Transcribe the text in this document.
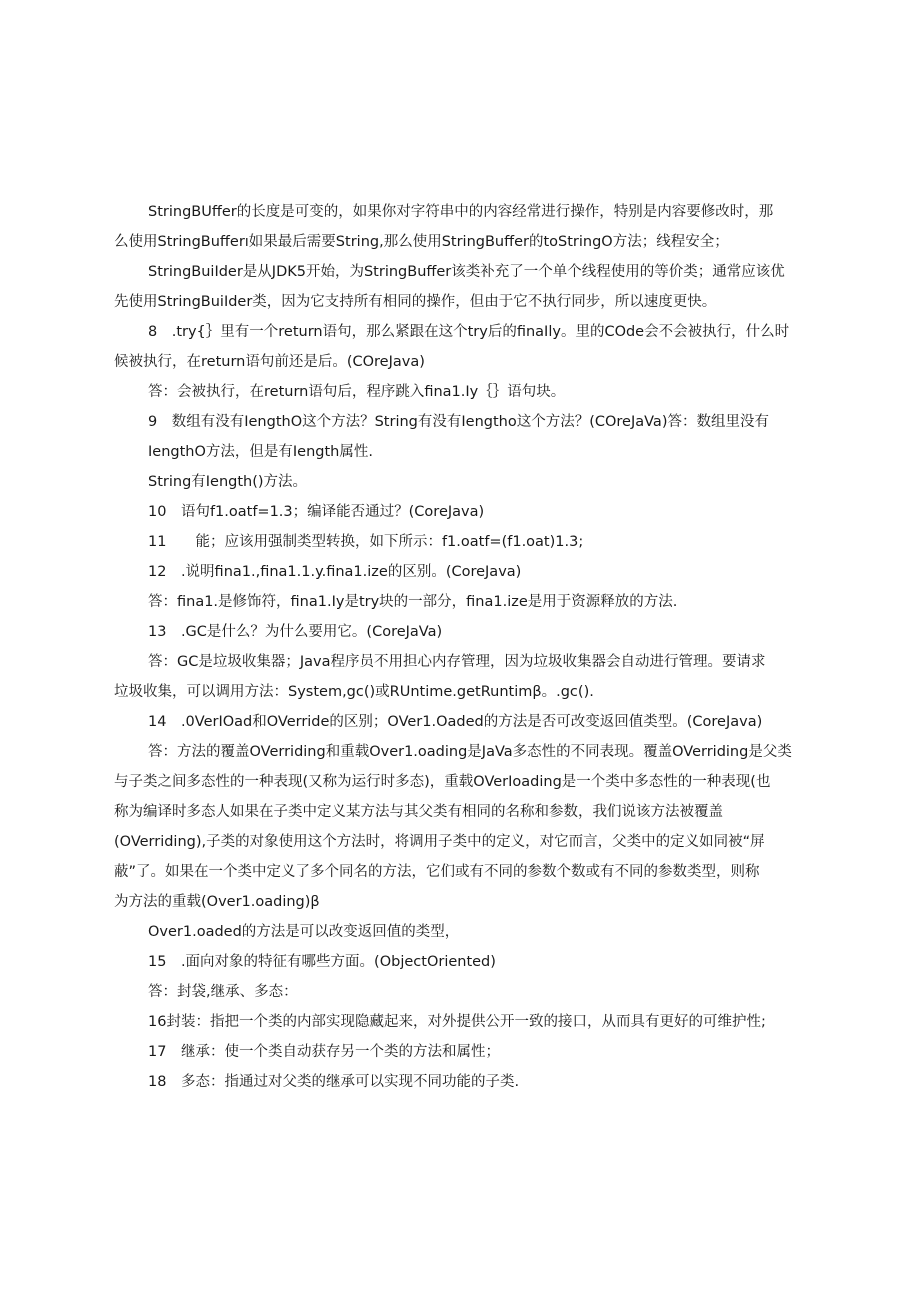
StringBUffer的长度是可变的，如果你对字符串中的内容经常进行操作，特别是内容要修改时，那

么使用StringBufferı如果最后需要String,那么使用StringBuffer的toStringO方法；线程安全；

StringBuiIder是从JDK5开始，为StringBuffer该类补充了一个单个线程使用的等价类；通常应该优

先使用StringBuiIder类，因为它支持所有相同的操作，但由于它不执行同步，所以速度更快。

8　.try{｝里有一个return语句，那么紧跟在这个try后的finaIly。里的COde会不会被执行，什么时

候被执行，在return语句前还是后。(COreJava)

答：会被执行，在return语句后，程序跳入fina1.Iy｛｝语句块。

9　数组有没有IengthO这个方法？String有没有Iengtho这个方法？(COreJaVa)答：数组里没有

IengthO方法，但是有Iength属性.

String有Iength()方法。

10　语句f1.oatf=1.3；编译能否通过？(CoreJava)

11　　能；应该用强制类型转换，如下所示：f1.oatf=(f1.oat)1.3;

12　.说明fina1.,fina1.1.y.fina1.ize的区别。(CoreJava)

答：fina1.是修饰符，fina1.Iy是try块的一部分，fina1.ize是用于资源释放的方法.

13　.GC是什么？为什么要用它。(CoreJaVa)

答：GC是垃圾收集器；Java程序员不用担心内存管理，因为垃圾收集器会自动进行管理。要请求

垃圾收集，可以调用方法：System,gc()或RUntime.getRuntimβ。.gc().

14　.0VerIOad和OVerride的区别；OVer1.Oaded的方法是否可改变返回值类型。(CoreJava)

答：方法的覆盖OVerriding和重载Over1.oading是JaVa多态性的不同表现。覆盖OVerriding是父类

与子类之间多态性的一种表现(又称为运行时多态)，重载OVerIoading是一个类中多态性的一种表现(也

称为编译时多态人如果在子类中定义某方法与其父类有相同的名称和参数，我们说该方法被覆盖

(OVerriding),子类的对象使用这个方法时，将调用子类中的定义，对它而言，父类中的定义如同被“屏

蔽”了。如果在一个类中定义了多个同名的方法，它们或有不同的参数个数或有不同的参数类型，则称

为方法的重载(Over1.oading)β

Over1.oaded的方法是可以改变返回值的类型，

15　.面向对象的特征有哪些方面。(ObjectOriented)

答：封袋,继承、多态：

16封装：指把一个类的内部实现隐藏起来，对外提供公开一致的接口，从而具有更好的可维护性;

17　继承：使一个类自动获存另一个类的方法和属性；

18　多态：指通过对父类的继承可以实现不同功能的子类.
